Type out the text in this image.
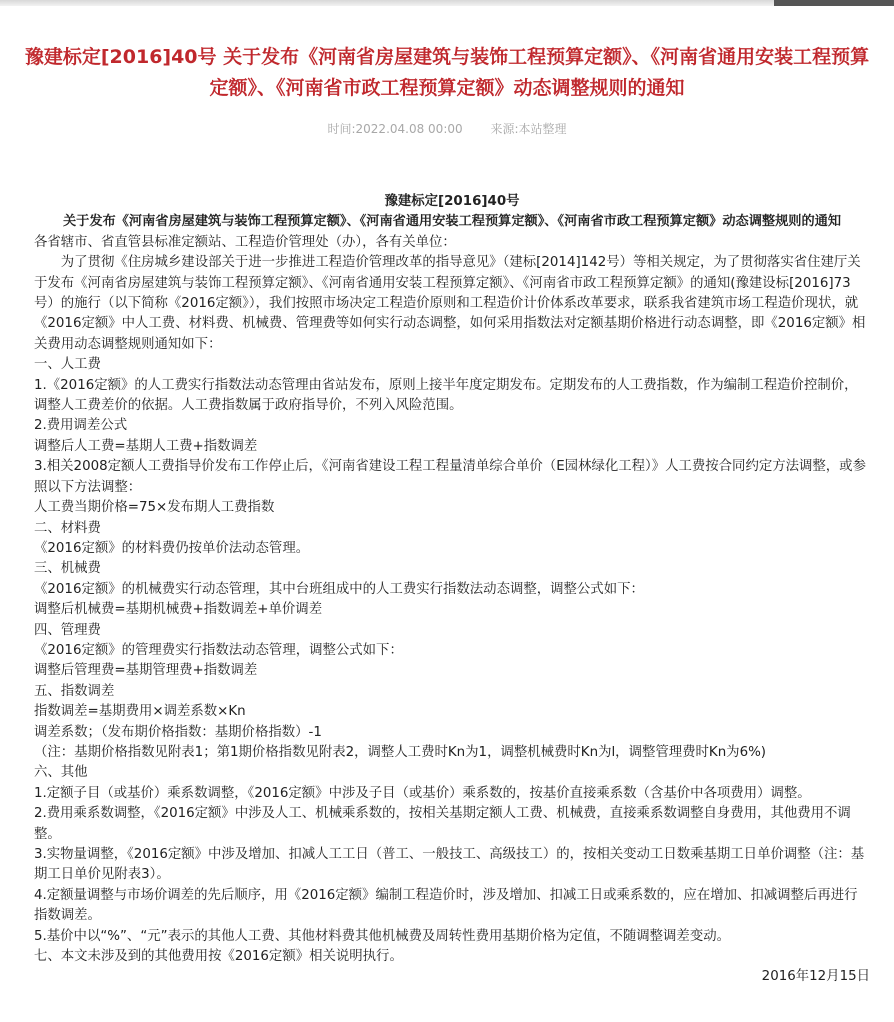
豫建标定[2016]40号 关于发布《河南省房屋建筑与装饰工程预算定额》、《河南省通用安装工程预算定额》、《河南省市政工程预算定额》动态调整规则的通知
时间:2022.04.08 00:00 来源:本站整理
豫建标定[2016]40号
关于发布《河南省房屋建筑与装饰工程预算定额》、《河南省通用安装工程预算定额》、《河南省市政工程预算定额》动态调整规则的通知

各省辖市、省直管县标准定额站、工程造价管理处（办），各有关单位：

为了贯彻《住房城乡建设部关于进一步推进工程造价管理改革的指导意见》（建标[2014]142号）等相关规定，为了贯彻落实省住建厅关于发布《河南省房屋建筑与装饰工程预算定额》、《河南省通用安装工程预算定额》、《河南省市政工程预算定额》的通知(豫建设标[2016]73号）的施行（以下简称《2016定额》），我们按照市场决定工程造价原则和工程造价计价体系改革要求，联系我省建筑市场工程造价现状，就《2016定额》中人工费、材料费、机械费、管理费等如何实行动态调整，如何采用指数法对定额基期价格进行动态调整，即《2016定额》相关费用动态调整规则通知如下：

一、人工费

1.《2016定额》的人工费实行指数法动态管理由省站发布，原则上接半年度定期发布。定期发布的人工费指数，作为编制工程造价控制价，调整人工费差价的依据。人工费指数属于政府指导价，不列入风险范围。

2.费用调差公式

调整后人工费=基期人工费+指数调差

3.相关2008定额人工费指导价发布工作停止后，《河南省建设工程工程量清单综合单价（E园林绿化工程）》人工费按合同约定方法调整，或参照以下方法调整：

人工费当期价格=75×发布期人工费指数

二、材料费

《2016定额》的材料费仍按单价法动态管理。

三、机械费

《2016定额》的机械费实行动态管理，其中台班组成中的人工费实行指数法动态调整，调整公式如下：

调整后机械费=基期机械费+指数调差+单价调差

四、管理费

《2016定额》的管理费实行指数法动态管理，调整公式如下：

调整后管理费=基期管理费+指数调差

五、指数调差

指数调差=基期费用×调差系数×Kn

调差系数；（发布期价格指数：基期价格指数）-1

（注：基期价格指数见附表1；第1期价格指数见附表2，调整人工费时Kn为1，调整机械费时Kn为l，调整管理费时Kn为6%)

六、其他

1.定额子目（或基价）乘系数调整，《2016定额》中涉及子目（或基价）乘系数的，按基价直接乘系数（含基价中各项费用）调整。

2.费用乘系数调整，《2016定额》中涉及人工、机械乘系数的，按相关基期定额人工费、机械费，直接乘系数调整自身费用，其他费用不调整。

3.实物量调整，《2016定额》中涉及增加、扣减人工工日（普工、一般技工、高级技工）的，按相关变动工日数乘基期工日单价调整（注：基期工日单价见附表3）。

4.定额量调整与市场价调差的先后顺序，用《2016定额》编制工程造价时，涉及增加、扣减工日或乘系数的，应在增加、扣减调整后再进行指数调差。

5.基价中以“%”、“元”表示的其他人工费、其他材料费其他机械费及周转性费用基期价格为定值，不随调整调差变动。

七、本文未涉及到的其他费用按《2016定额》相关说明执行。

2016年12月15日
